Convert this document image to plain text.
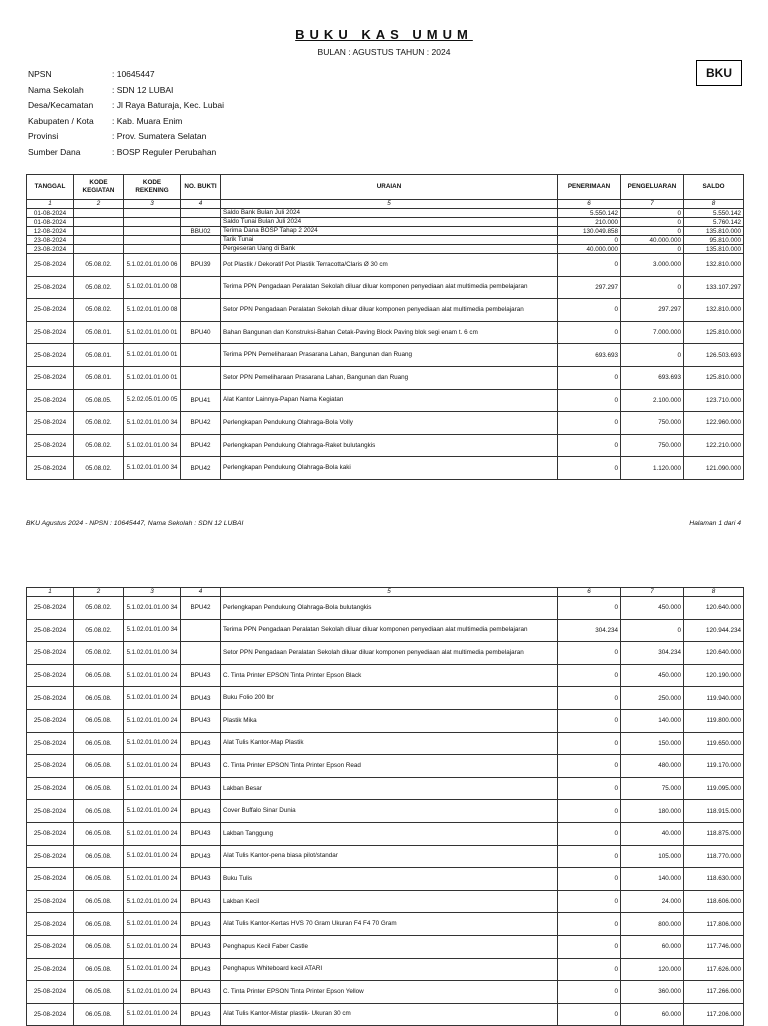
BUKU KAS UMUM
BULAN : AGUSTUS TAHUN : 2024
BKU
NPSN	: 10645447
Nama Sekolah	: SDN 12 LUBAI
Desa/Kecamatan	: Jl Raya Baturaja, Kec. Lubai
Kabupaten / Kota	: Kab. Muara Enim
Provinsi	: Prov. Sumatera Selatan
Sumber Dana	: BOSP Reguler Perubahan
TANGGAL	KODE KEGIATAN	KODE REKENING	NO. BUKTI	URAIAN	PENERIMAAN	PENGELUARAN	SALDO
1	2	3	4	5	6	7	8
01-08-2024				Saldo Bank Bulan Juli 2024	5.550.142	0	5.550.142
01-08-2024				Saldo Tunai Bulan Juli 2024	210.000	0	5.760.142
12-08-2024			BBU02	Terima Dana BOSP Tahap 2 2024	130.049.858	0	135.810.000
23-08-2024				Tarik Tunai	0	40.000.000	95.810.000
23-08-2024				Pergeseran Uang di Bank	40.000.000	0	135.810.000
25-08-2024	05.08.02.	5.1.02.01.01.00 06	BPU39	Pot Plastik / Dekoratif Pot Plastik Terracotta/Claris Ø 30 cm	0	3.000.000	132.810.000
25-08-2024	05.08.02.	5.1.02.01.01.00 08		Terima PPN Pengadaan Peralatan Sekolah diluar diluar komponen penyediaan alat multimedia pembelajaran	297.297	0	133.107.297
25-08-2024	05.08.02.	5.1.02.01.01.00 08		Setor PPN Pengadaan Peralatan Sekolah diluar diluar komponen penyediaan alat multimedia pembelajaran	0	297.297	132.810.000
25-08-2024	05.08.01.	5.1.02.01.01.00 01	BPU40	Bahan Bangunan dan Konstruksi-Bahan Cetak-Paving Block Paving blok segi enam t. 6 cm	0	7.000.000	125.810.000
25-08-2024	05.08.01.	5.1.02.01.01.00 01		Terima PPN Pemeliharaan Prasarana Lahan, Bangunan dan Ruang	693.693	0	126.503.693
25-08-2024	05.08.01.	5.1.02.01.01.00 01		Setor PPN Pemeliharaan Prasarana Lahan, Bangunan dan Ruang	0	693.693	125.810.000
25-08-2024	05.08.05.	5.2.02.05.01.00 05	BPU41	Alat Kantor Lainnya-Papan Nama Kegiatan	0	2.100.000	123.710.000
25-08-2024	05.08.02.	5.1.02.01.01.00 34	BPU42	Perlengkapan Pendukung Olahraga-Bola Volly	0	750.000	122.960.000
25-08-2024	05.08.02.	5.1.02.01.01.00 34	BPU42	Perlengkapan Pendukung Olahraga-Raket bulutangkis	0	750.000	122.210.000
25-08-2024	05.08.02.	5.1.02.01.01.00 34	BPU42	Perlengkapan Pendukung Olahraga-Bola kaki	0	1.120.000	121.090.000
BKU Agustus 2024 - NPSN : 10645447, Nama Sekolah : SDN 12 LUBAI	Halaman 1 dari 4
1	2	3	4	5	6	7	8
25-08-2024	05.08.02.	5.1.02.01.01.00 34	BPU42	Perlengkapan Pendukung Olahraga-Bola bulutangkis	0	450.000	120.640.000
25-08-2024	05.08.02.	5.1.02.01.01.00 34		Terima PPN Pengadaan Peralatan Sekolah diluar diluar komponen penyediaan alat multimedia pembelajaran	304.234	0	120.944.234
25-08-2024	05.08.02.	5.1.02.01.01.00 34		Setor PPN Pengadaan Peralatan Sekolah diluar diluar komponen penyediaan alat multimedia pembelajaran	0	304.234	120.640.000
25-08-2024	06.05.08.	5.1.02.01.01.00 24	BPU43	C. Tinta Printer EPSON Tinta Printer Epson Black	0	450.000	120.190.000
25-08-2024	06.05.08.	5.1.02.01.01.00 24	BPU43	Buku Folio 200 lbr	0	250.000	119.940.000
25-08-2024	06.05.08.	5.1.02.01.01.00 24	BPU43	Plastik Mika	0	140.000	119.800.000
25-08-2024	06.05.08.	5.1.02.01.01.00 24	BPU43	Alat Tulis Kantor-Map Plastik	0	150.000	119.650.000
25-08-2024	06.05.08.	5.1.02.01.01.00 24	BPU43	C. Tinta Printer EPSON Tinta Printer Epson Read	0	480.000	119.170.000
25-08-2024	06.05.08.	5.1.02.01.01.00 24	BPU43	Lakban Besar	0	75.000	119.095.000
25-08-2024	06.05.08.	5.1.02.01.01.00 24	BPU43	Cover Buffalo Sinar Dunia	0	180.000	118.915.000
25-08-2024	06.05.08.	5.1.02.01.01.00 24	BPU43	Lakban Tanggung	0	40.000	118.875.000
25-08-2024	06.05.08.	5.1.02.01.01.00 24	BPU43	Alat Tulis Kantor-pena biasa pilot/standar	0	105.000	118.770.000
25-08-2024	06.05.08.	5.1.02.01.01.00 24	BPU43	Buku Tulis	0	140.000	118.630.000
25-08-2024	06.05.08.	5.1.02.01.01.00 24	BPU43	Lakban Kecil	0	24.000	118.606.000
25-08-2024	06.05.08.	5.1.02.01.01.00 24	BPU43	Alat Tulis Kantor-Kertas HVS 70 Gram Ukuran F4 F4 70 Gram	0	800.000	117.806.000
25-08-2024	06.05.08.	5.1.02.01.01.00 24	BPU43	Penghapus Kecil Faber Castle	0	60.000	117.746.000
25-08-2024	06.05.08.	5.1.02.01.01.00 24	BPU43	Penghapus Whiteboard kecil ATARI	0	120.000	117.626.000
25-08-2024	06.05.08.	5.1.02.01.01.00 24	BPU43	C. Tinta Printer EPSON Tinta Printer Epson Yellow	0	360.000	117.266.000
25-08-2024	06.05.08.	5.1.02.01.01.00 24	BPU43	Alat Tulis Kantor-Mistar plastik- Ukuran 30 cm	0	60.000	117.206.000
